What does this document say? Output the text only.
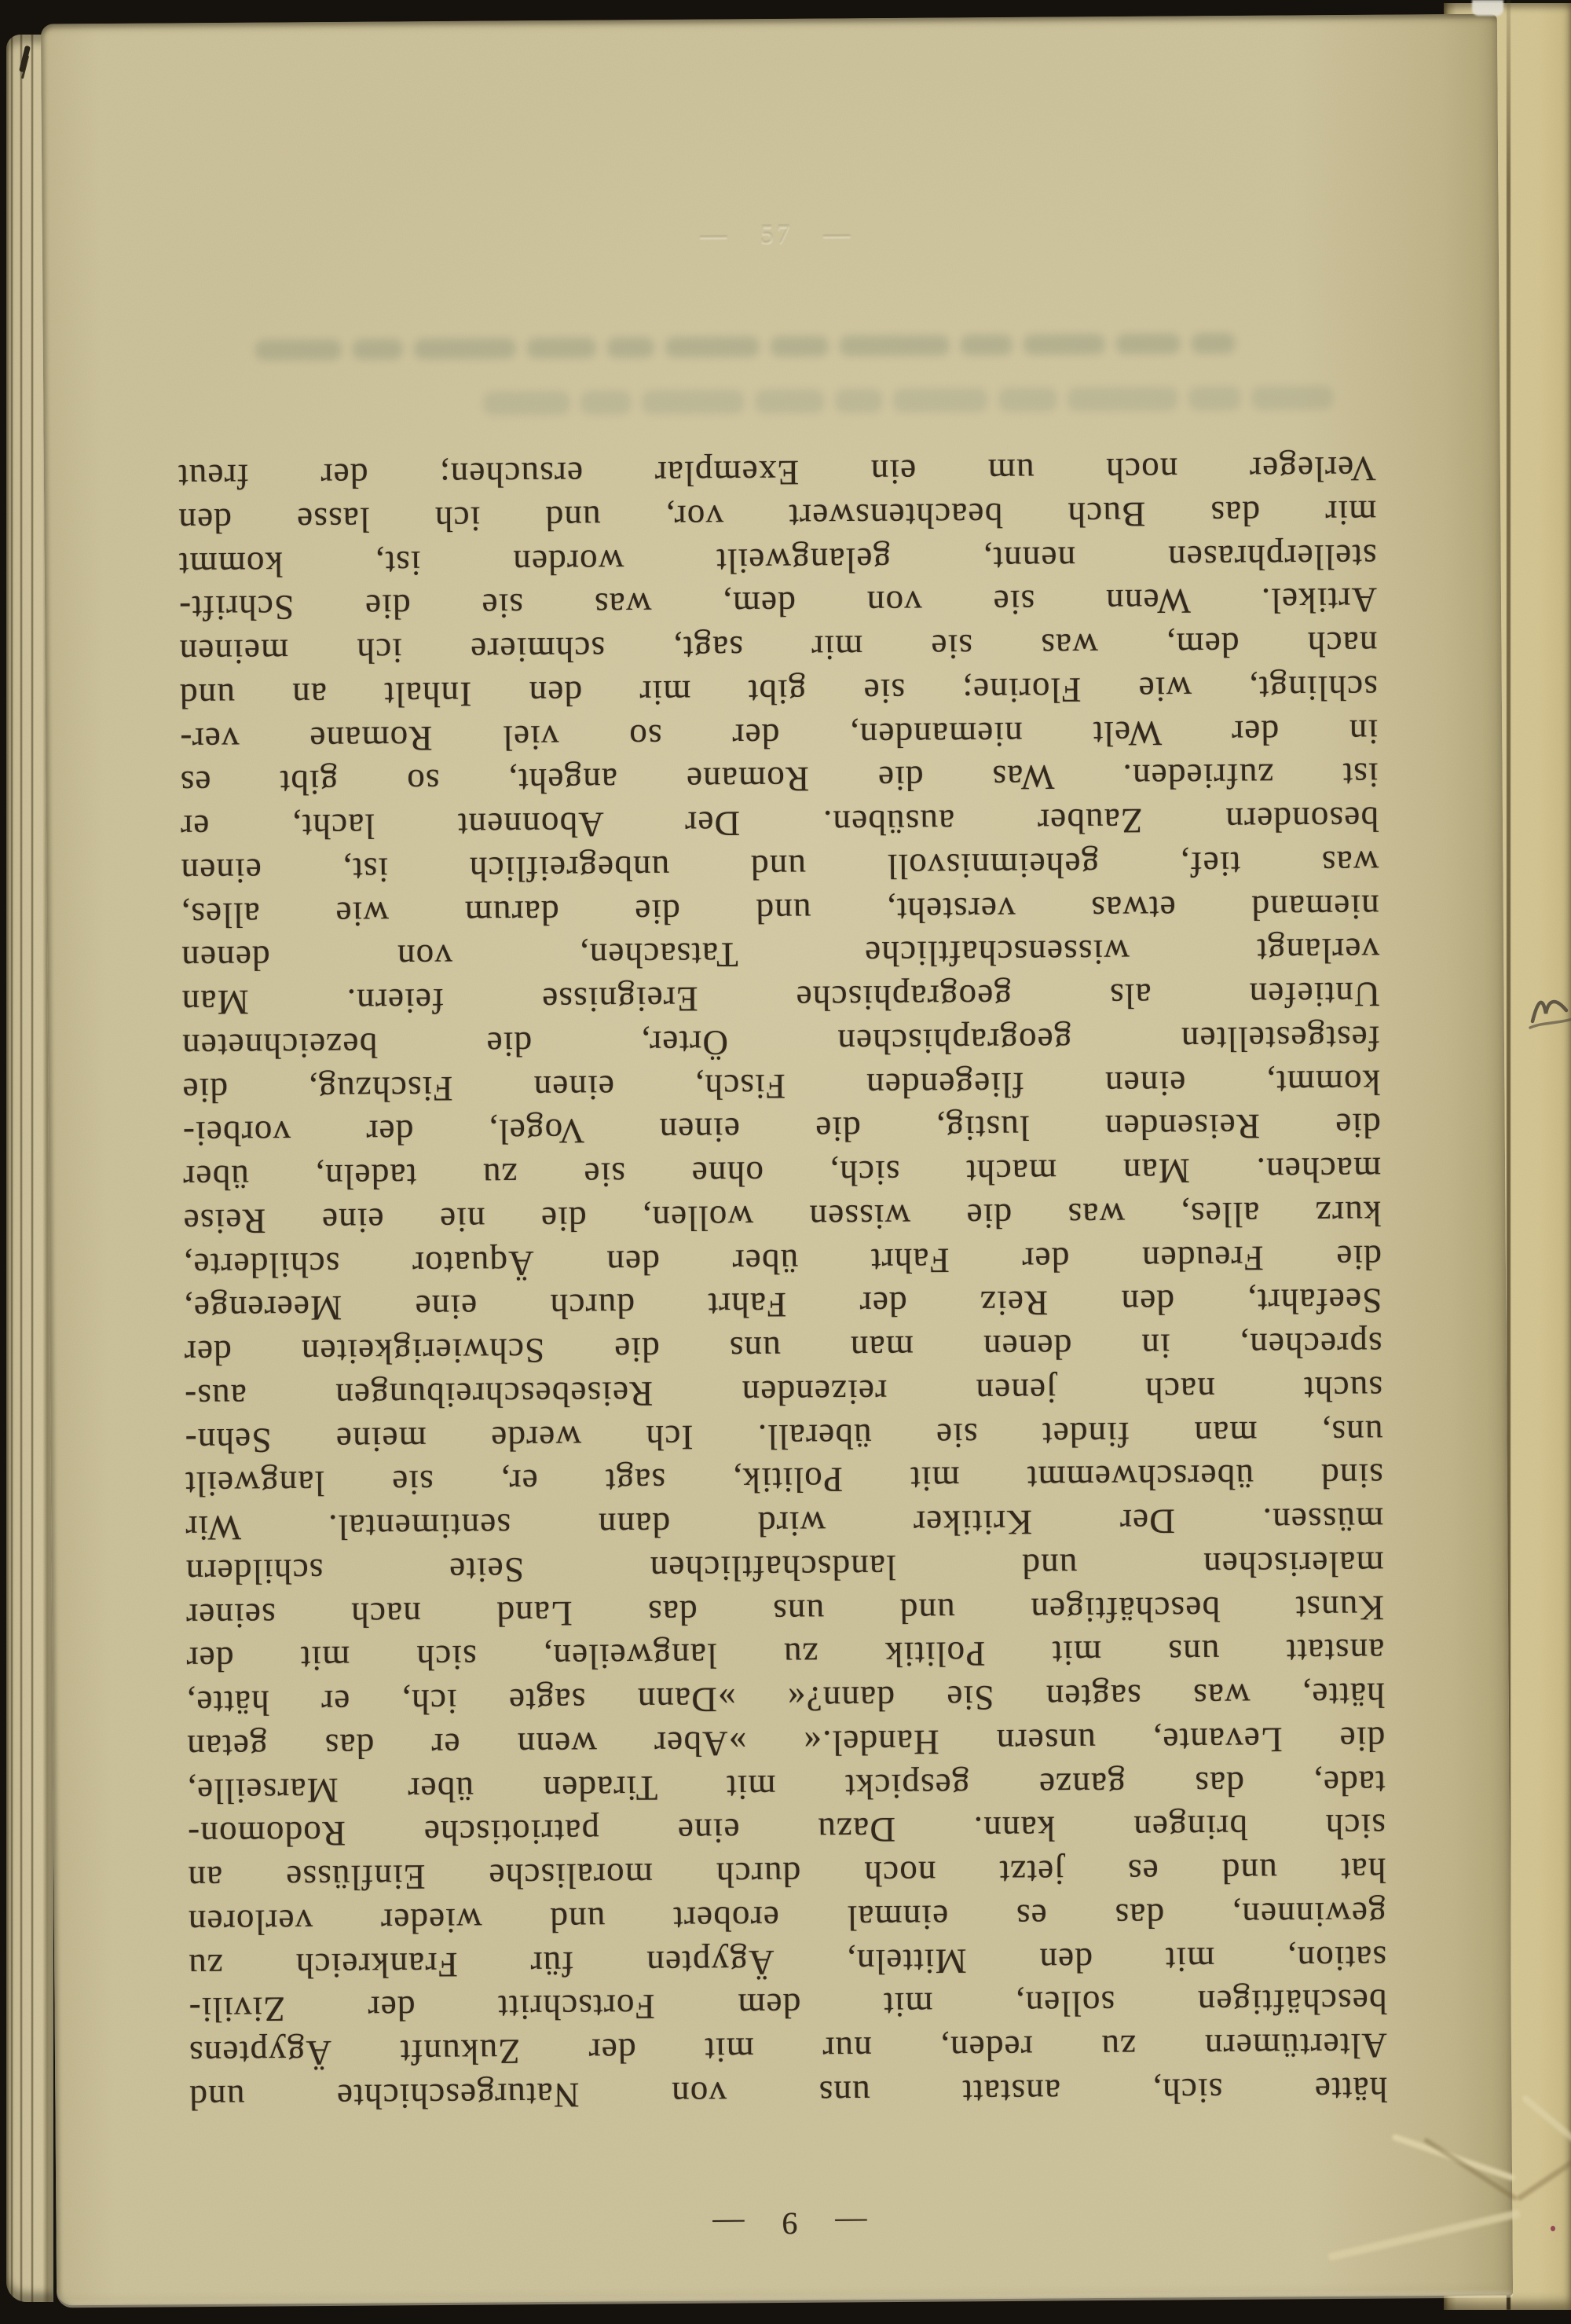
— 57 —
— 9 —
hätte sich, anstatt uns von Naturgeschichte und
Altertümern zu reden, nur mit der Zukunft Ägyptens
beschäftigen sollen, mit dem Fortschritt der Zivili-
sation, mit den Mitteln, Ägypten für Frankreich zu
gewinnen, das es einmal erobert und wieder verloren
hat und es jetzt noch durch moralische Einflüsse an
sich bringen kann. Dazu eine patriotische Rodomon-
tade, das ganze gespickt mit Tiraden über Marseille,
die Levante, unsern Handel.« »Aber wenn er das getan
hätte, was sagten Sie dann?« »Dann sagte ich, er hätte,
anstatt uns mit Politik zu langweilen, sich mit der
Kunst beschäftigen und uns das Land nach seiner
malerischen und landschaftlichen Seite schildern
müssen. Der Kritiker wird dann sentimental. Wir
sind überschwemmt mit Politik, sagt er, sie langweilt
uns, man findet sie überall. Ich werde meine Sehn-
sucht nach jenen reizenden Reisebeschreibungen aus-
sprechen, in denen man uns die Schwierigkeiten der
Seefahrt, den Reiz der Fahrt durch eine Meerenge,
die Freuden der Fahrt über den Äquator schilderte,
kurz alles, was die wissen wollen, die nie eine Reise
machen. Man macht sich, ohne sie zu tadeln, über
die Reisenden lustig, die einen Vogel, der vorbei-
kommt, einen fliegenden Fisch, einen Fischzug, die
festgestellten geographischen Örter, die bezeichneten
Untiefen als geographische Ereignisse feiern. Man
verlangt wissenschaftliche Tatsachen, von denen
niemand etwas versteht, und die darum wie alles,
was tief, geheimnisvoll und unbegreiflich ist, einen
besondern Zauber ausüben. Der Abonnent lacht, er
ist zufrieden. Was die Romane angeht, so gibt es
in der Welt niemanden, der so viel Romane ver-
schlingt, wie Florine; sie gibt mir den Inhalt an und
nach dem, was sie mir sagt, schmiere ich meinen
Artikel. Wenn sie von dem, was sie die Schrift-
stellerphrasen nennt, gelangweilt worden ist, kommt
mir das Buch beachtenswert vor, und ich lasse den
Verleger noch um ein Exemplar ersuchen; der freut
